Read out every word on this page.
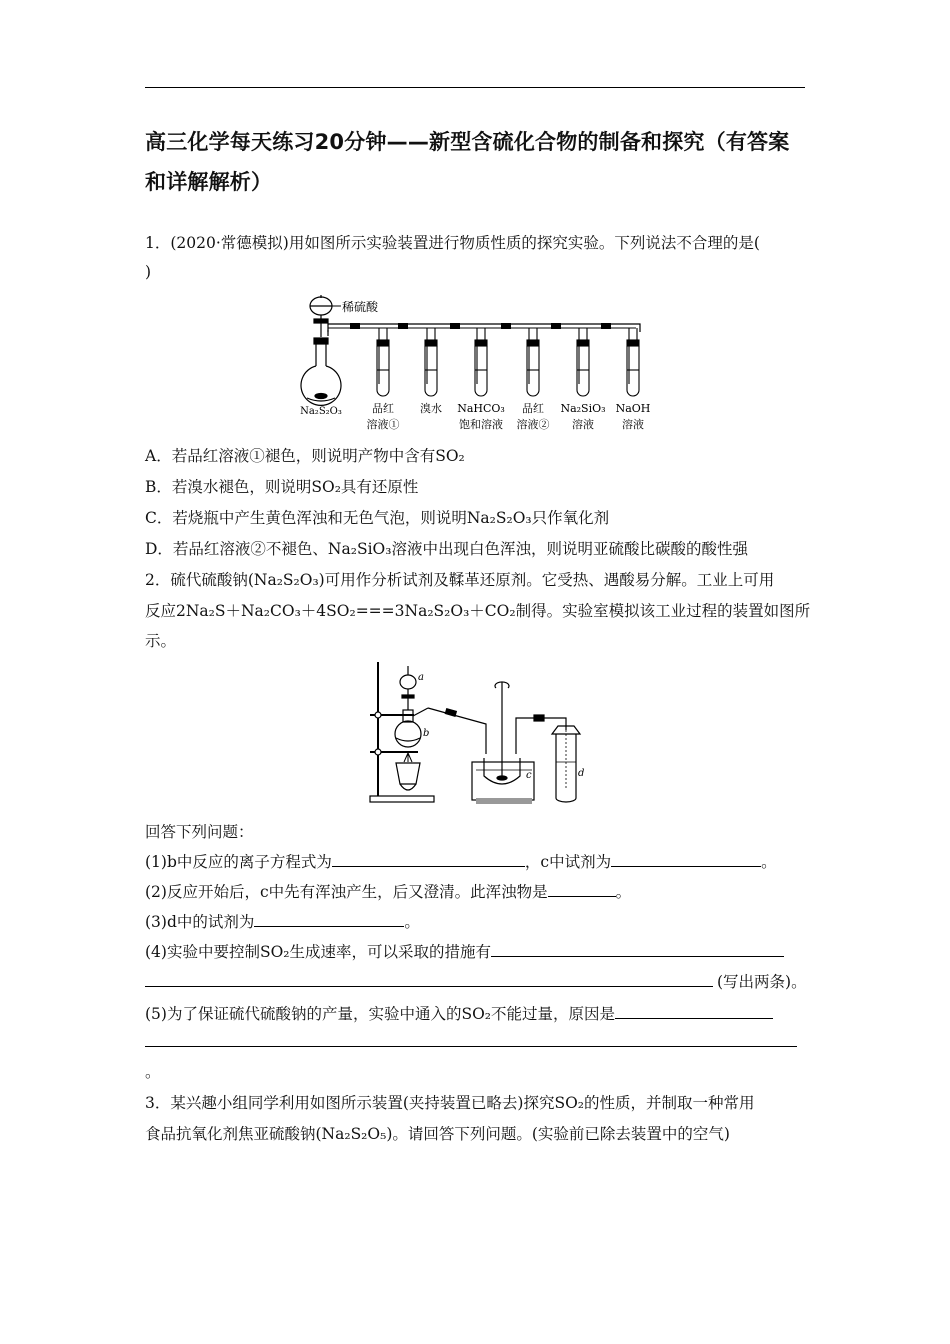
高三化学每天练习20分钟——新型含硫化合物的制备和探究（有答案和详解解析）
1．(2020·常德模拟)用如图所示实验装置进行物质性质的探究实验。下列说法不合理的是(
)
稀硫酸
Na₂S₂O₃	品红
溶液①
溴水 NaHCO₃
饱和溶液
品红
溶液②
Na₂SiO₃
溶液
NaOH
溶液
A．若品红溶液①褪色，则说明产物中含有SO₂
B．若溴水褪色，则说明SO₂具有还原性
C．若烧瓶中产生黄色浑浊和无色气泡，则说明Na₂S₂O₃只作氧化剂
D．若品红溶液②不褪色、Na₂SiO₃溶液中出现白色浑浊，则说明亚硫酸比碳酸的酸性强
2．硫代硫酸钠(Na₂S₂O₃)可用作分析试剂及鞣革还原剂。它受热、遇酸易分解。工业上可用
反应2Na₂S＋Na₂CO₃＋4SO₂===3Na₂S₂O₃＋CO₂制得。实验室模拟该工业过程的装置如图所
示。
a
b
c	d
回答下列问题：
(1)b中反应的离子方程式为	，c中试剂为	。
(2)反应开始后，c中先有浑浊产生，后又澄清。此浑浊物是	。
(3)d中的试剂为	。
(4)实验中要控制SO₂生成速率，可以采取的措施有
(写出两条)。
(5)为了保证硫代硫酸钠的产量，实验中通入的SO₂不能过量，原因是
。
3．某兴趣小组同学利用如图所示装置(夹持装置已略去)探究SO₂的性质，并制取一种常用
食品抗氧化剂焦亚硫酸钠(Na₂S₂O₅)。请回答下列问题。(实验前已除去装置中的空气)
